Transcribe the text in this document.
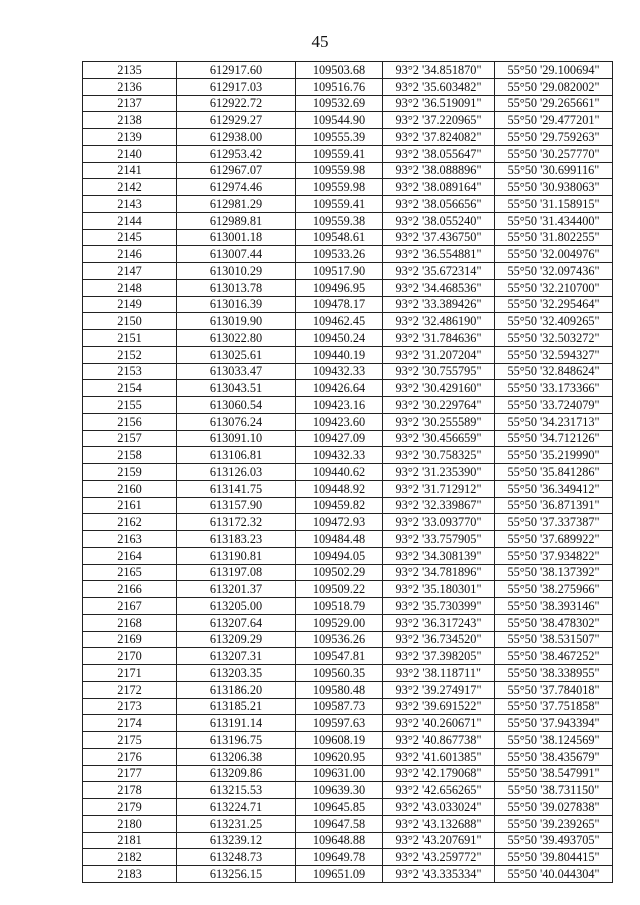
45
2135	612917.60	109503.68	93°2 '34.851870"	55°50 '29.100694"
2136	612917.03	109516.76	93°2 '35.603482"	55°50 '29.082002"
2137	612922.72	109532.69	93°2 '36.519091"	55°50 '29.265661"
2138	612929.27	109544.90	93°2 '37.220965"	55°50 '29.477201"
2139	612938.00	109555.39	93°2 '37.824082"	55°50 '29.759263"
2140	612953.42	109559.41	93°2 '38.055647"	55°50 '30.257770"
2141	612967.07	109559.98	93°2 '38.088896"	55°50 '30.699116"
2142	612974.46	109559.98	93°2 '38.089164"	55°50 '30.938063"
2143	612981.29	109559.41	93°2 '38.056656"	55°50 '31.158915"
2144	612989.81	109559.38	93°2 '38.055240"	55°50 '31.434400"
2145	613001.18	109548.61	93°2 '37.436750"	55°50 '31.802255"
2146	613007.44	109533.26	93°2 '36.554881"	55°50 '32.004976"
2147	613010.29	109517.90	93°2 '35.672314"	55°50 '32.097436"
2148	613013.78	109496.95	93°2 '34.468536"	55°50 '32.210700"
2149	613016.39	109478.17	93°2 '33.389426"	55°50 '32.295464"
2150	613019.90	109462.45	93°2 '32.486190"	55°50 '32.409265"
2151	613022.80	109450.24	93°2 '31.784636"	55°50 '32.503272"
2152	613025.61	109440.19	93°2 '31.207204"	55°50 '32.594327"
2153	613033.47	109432.33	93°2 '30.755795"	55°50 '32.848624"
2154	613043.51	109426.64	93°2 '30.429160"	55°50 '33.173366"
2155	613060.54	109423.16	93°2 '30.229764"	55°50 '33.724079"
2156	613076.24	109423.60	93°2 '30.255589"	55°50 '34.231713"
2157	613091.10	109427.09	93°2 '30.456659"	55°50 '34.712126"
2158	613106.81	109432.33	93°2 '30.758325"	55°50 '35.219990"
2159	613126.03	109440.62	93°2 '31.235390"	55°50 '35.841286"
2160	613141.75	109448.92	93°2 '31.712912"	55°50 '36.349412"
2161	613157.90	109459.82	93°2 '32.339867"	55°50 '36.871391"
2162	613172.32	109472.93	93°2 '33.093770"	55°50 '37.337387"
2163	613183.23	109484.48	93°2 '33.757905"	55°50 '37.689922"
2164	613190.81	109494.05	93°2 '34.308139"	55°50 '37.934822"
2165	613197.08	109502.29	93°2 '34.781896"	55°50 '38.137392"
2166	613201.37	109509.22	93°2 '35.180301"	55°50 '38.275966"
2167	613205.00	109518.79	93°2 '35.730399"	55°50 '38.393146"
2168	613207.64	109529.00	93°2 '36.317243"	55°50 '38.478302"
2169	613209.29	109536.26	93°2 '36.734520"	55°50 '38.531507"
2170	613207.31	109547.81	93°2 '37.398205"	55°50 '38.467252"
2171	613203.35	109560.35	93°2 '38.118711"	55°50 '38.338955"
2172	613186.20	109580.48	93°2 '39.274917"	55°50 '37.784018"
2173	613185.21	109587.73	93°2 '39.691522"	55°50 '37.751858"
2174	613191.14	109597.63	93°2 '40.260671"	55°50 '37.943394"
2175	613196.75	109608.19	93°2 '40.867738"	55°50 '38.124569"
2176	613206.38	109620.95	93°2 '41.601385"	55°50 '38.435679"
2177	613209.86	109631.00	93°2 '42.179068"	55°50 '38.547991"
2178	613215.53	109639.30	93°2 '42.656265"	55°50 '38.731150"
2179	613224.71	109645.85	93°2 '43.033024"	55°50 '39.027838"
2180	613231.25	109647.58	93°2 '43.132688"	55°50 '39.239265"
2181	613239.12	109648.88	93°2 '43.207691"	55°50 '39.493705"
2182	613248.73	109649.78	93°2 '43.259772"	55°50 '39.804415"
2183	613256.15	109651.09	93°2 '43.335334"	55°50 '40.044304"
